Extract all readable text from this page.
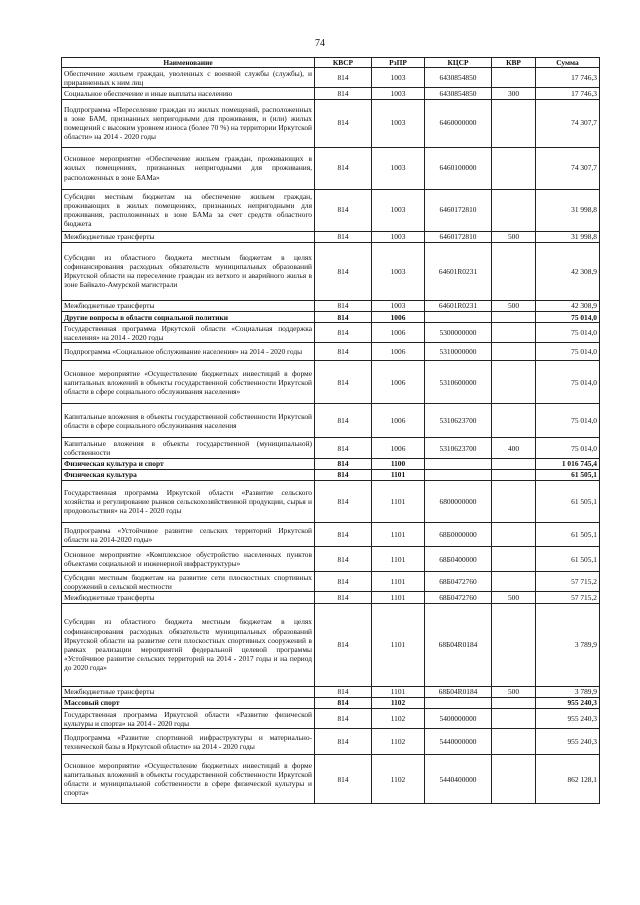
74
Наименование	КВСР	РзПР	КЦСР	КВР	Сумма
Обеспечение жильем граждан, уволенных с военной службы (службы), и приравненных к ним лиц	814	1003	6430854850		17 746,3
Социальное обеспечение и иные выплаты населению	814	1003	6430854850	300	17 746,3
Подпрограмма «Переселение граждан из жилых помещений, расположенных в зоне БАМ, признанных непригодными для проживания, и (или) жилых помещений с высоким уровнем износа (более 70 %) на территории Иркутской области» на 2014 - 2020 годы	814	1003	6460000000		74 307,7
Основное мероприятие «Обеспечение жильем граждан, проживающих в жилых помещениях, признанных непригодными для проживания, расположенных в зоне БАМа»	814	1003	6460100000		74 307,7
Субсидии местным бюджетам на обеспечение жильем граждан, проживающих в жилых помещениях, признанных непригодными для проживания, расположенных в зоне БАМа за счет средств областного бюджета	814	1003	6460172810		31 998,8
Межбюджетные трансферты	814	1003	6460172810	500	31 998,8
Субсидии из областного бюджета местным бюджетам в целях софинансирования расходных обязательств муниципальных образований Иркутской области на переселение граждан из ветхого и аварийного жилья в зоне Байкало-Амурской магистрали	814	1003	64601R0231		42 308,9
Межбюджетные трансферты	814	1003	64601R0231	500	42 308,9
Другие вопросы в области социальной политики	814	1006			75 014,0
Государственная программа Иркутской области «Социальная поддержка населения» на 2014 - 2020 годы	814	1006	5300000000		75 014,0
Подпрограмма «Социальное обслуживание населения» на 2014 - 2020 годы	814	1006	5310000000		75 014,0
Основное мероприятие «Осуществление бюджетных инвестиций в форме капитальных вложений в объекты государственной собственности Иркутской области в сфере социального обслуживания населения»	814	1006	5310600000		75 014,0
Капитальные вложения в объекты государственной собственности Иркутской области в сфере социального обслуживания населения	814	1006	5310623700		75 014,0
Капитальные вложения в объекты государственной (муниципальной) собственности	814	1006	5310623700	400	75 014,0
Физическая культура и спорт	814	1100			1 016 745,4
Физическая культура	814	1101			61 505,1
Государственная программа Иркутской области «Развитие сельского хозяйства и регулирование рынков сельскохозяйственной продукции, сырья и продовольствия» на 2014 - 2020 годы	814	1101	6800000000		61 505,1
Подпрограмма «Устойчивое развитие сельских территорий Иркутской области на 2014-2020 годы»	814	1101	68Б0000000		61 505,1
Основное мероприятие «Комплексное обустройство населенных пунктов объектами социальной и инженерной инфраструктуры»	814	1101	68Б0400000		61 505,1
Субсидии местным бюджетам на развитие сети плоскостных спортивных сооружений в сельской местности	814	1101	68Б0472760		57 715,2
Межбюджетные трансферты	814	1101	68Б0472760	500	57 715,2
Субсидии из областного бюджета местным бюджетам в целях софинансирования расходных обязательств муниципальных образований Иркутской области на развитие сети плоскостных спортивных сооружений в рамках реализации мероприятий федеральной целевой программы «Устойчивое развитие сельских территорий на 2014 - 2017 годы и на период до 2020 года»	814	1101	68Б04R0184		3 789,9
Межбюджетные трансферты	814	1101	68Б04R0184	500	3 789,9
Массовый спорт	814	1102			955 240,3
Государственная программа Иркутской области «Развитие физической культуры и спорта» на 2014 - 2020 годы	814	1102	5400000000		955 240,3
Подпрограмма «Развитие спортивной инфраструктуры и материально- технической базы в Иркутской области» на 2014 - 2020 годы	814	1102	5440000000		955 240,3
Основное мероприятие «Осуществление бюджетных инвестиций в форме капитальных вложений в объекты государственной собственности Иркутской области и муниципальной собственности в сфере физической культуры и спорта»	814	1102	5440400000		862 128,1
